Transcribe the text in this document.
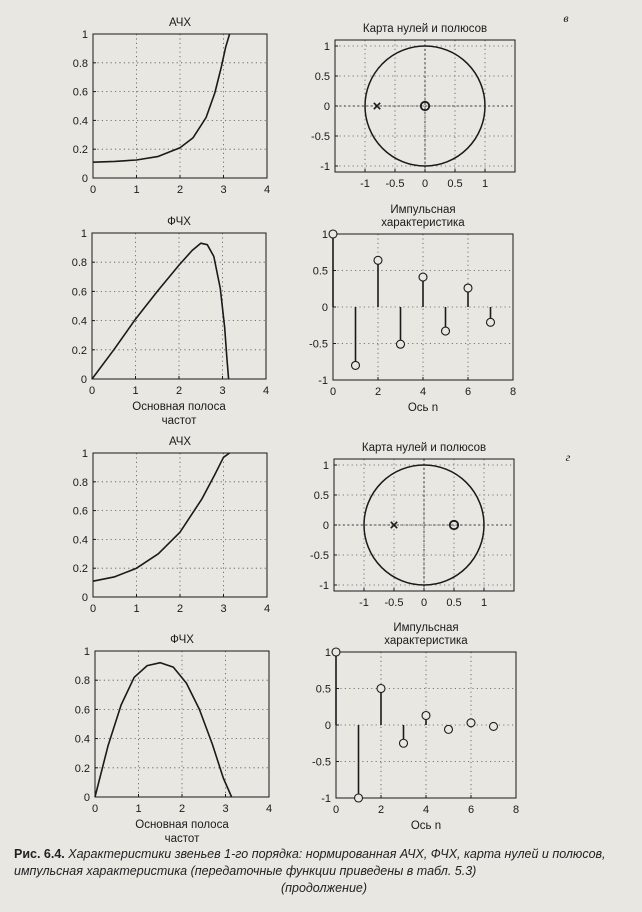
в
г
0	1	2	3	4
0
0.2
0.4
0.6
0.8
1
АЧХ
-1 -0.5 0 0.5 1
-1
-0.5
0
0.5
1
Карта нулей и полюсов
0	1	2	3	4
0
0.2
0.4
0.6
0.8
1
ФЧХ
Основная полоса
частот
0	2	4	6	8
-1
-0.5
0
0.5
1
Импульсная
характеристика
Ось n
0	1	2	3	4
0
0.2
0.4
0.6
0.8
1
АЧХ
-1 -0.5 0 0.5 1
-1
-0.5
0
0.5
1
Карта нулей и полюсов
0	1	2	3	4
0
0.2
0.4
0.6
0.8
1
ФЧХ
Основная полоса
частот
0	2	4	6	8
-1
-0.5
0
0.5
1
Импульсная
характеристика
Ось n
Рис. 6.4. Характеристики звеньев 1-го порядка: нормированная АЧХ, ФЧХ, карта нулей и полюсов, импульсная характеристика (передаточные функции приведены в табл. 5.3)
(продолжение)
